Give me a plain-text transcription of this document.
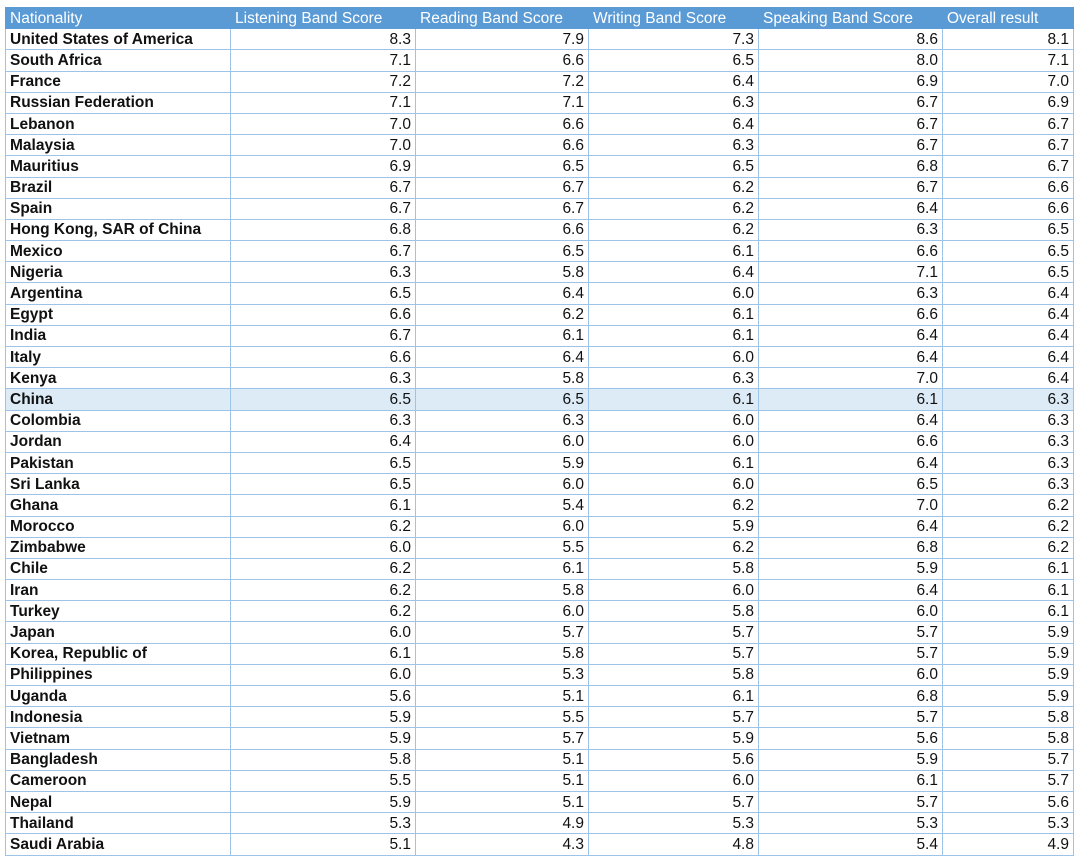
Nationality	Listening Band Score	Reading Band Score	Writing Band Score	Speaking Band Score	Overall result
United States of America	8.3	7.9	7.3	8.6	8.1
South Africa	7.1	6.6	6.5	8.0	7.1
France	7.2	7.2	6.4	6.9	7.0
Russian Federation	7.1	7.1	6.3	6.7	6.9
Lebanon	7.0	6.6	6.4	6.7	6.7
Malaysia	7.0	6.6	6.3	6.7	6.7
Mauritius	6.9	6.5	6.5	6.8	6.7
Brazil	6.7	6.7	6.2	6.7	6.6
Spain	6.7	6.7	6.2	6.4	6.6
Hong Kong, SAR of China	6.8	6.6	6.2	6.3	6.5
Mexico	6.7	6.5	6.1	6.6	6.5
Nigeria	6.3	5.8	6.4	7.1	6.5
Argentina	6.5	6.4	6.0	6.3	6.4
Egypt	6.6	6.2	6.1	6.6	6.4
India	6.7	6.1	6.1	6.4	6.4
Italy	6.6	6.4	6.0	6.4	6.4
Kenya	6.3	5.8	6.3	7.0	6.4
China	6.5	6.5	6.1	6.1	6.3
Colombia	6.3	6.3	6.0	6.4	6.3
Jordan	6.4	6.0	6.0	6.6	6.3
Pakistan	6.5	5.9	6.1	6.4	6.3
Sri Lanka	6.5	6.0	6.0	6.5	6.3
Ghana	6.1	5.4	6.2	7.0	6.2
Morocco	6.2	6.0	5.9	6.4	6.2
Zimbabwe	6.0	5.5	6.2	6.8	6.2
Chile	6.2	6.1	5.8	5.9	6.1
Iran	6.2	5.8	6.0	6.4	6.1
Turkey	6.2	6.0	5.8	6.0	6.1
Japan	6.0	5.7	5.7	5.7	5.9
Korea, Republic of	6.1	5.8	5.7	5.7	5.9
Philippines	6.0	5.3	5.8	6.0	5.9
Uganda	5.6	5.1	6.1	6.8	5.9
Indonesia	5.9	5.5	5.7	5.7	5.8
Vietnam	5.9	5.7	5.9	5.6	5.8
Bangladesh	5.8	5.1	5.6	5.9	5.7
Cameroon	5.5	5.1	6.0	6.1	5.7
Nepal	5.9	5.1	5.7	5.7	5.6
Thailand	5.3	4.9	5.3	5.3	5.3
Saudi Arabia	5.1	4.3	4.8	5.4	4.9
